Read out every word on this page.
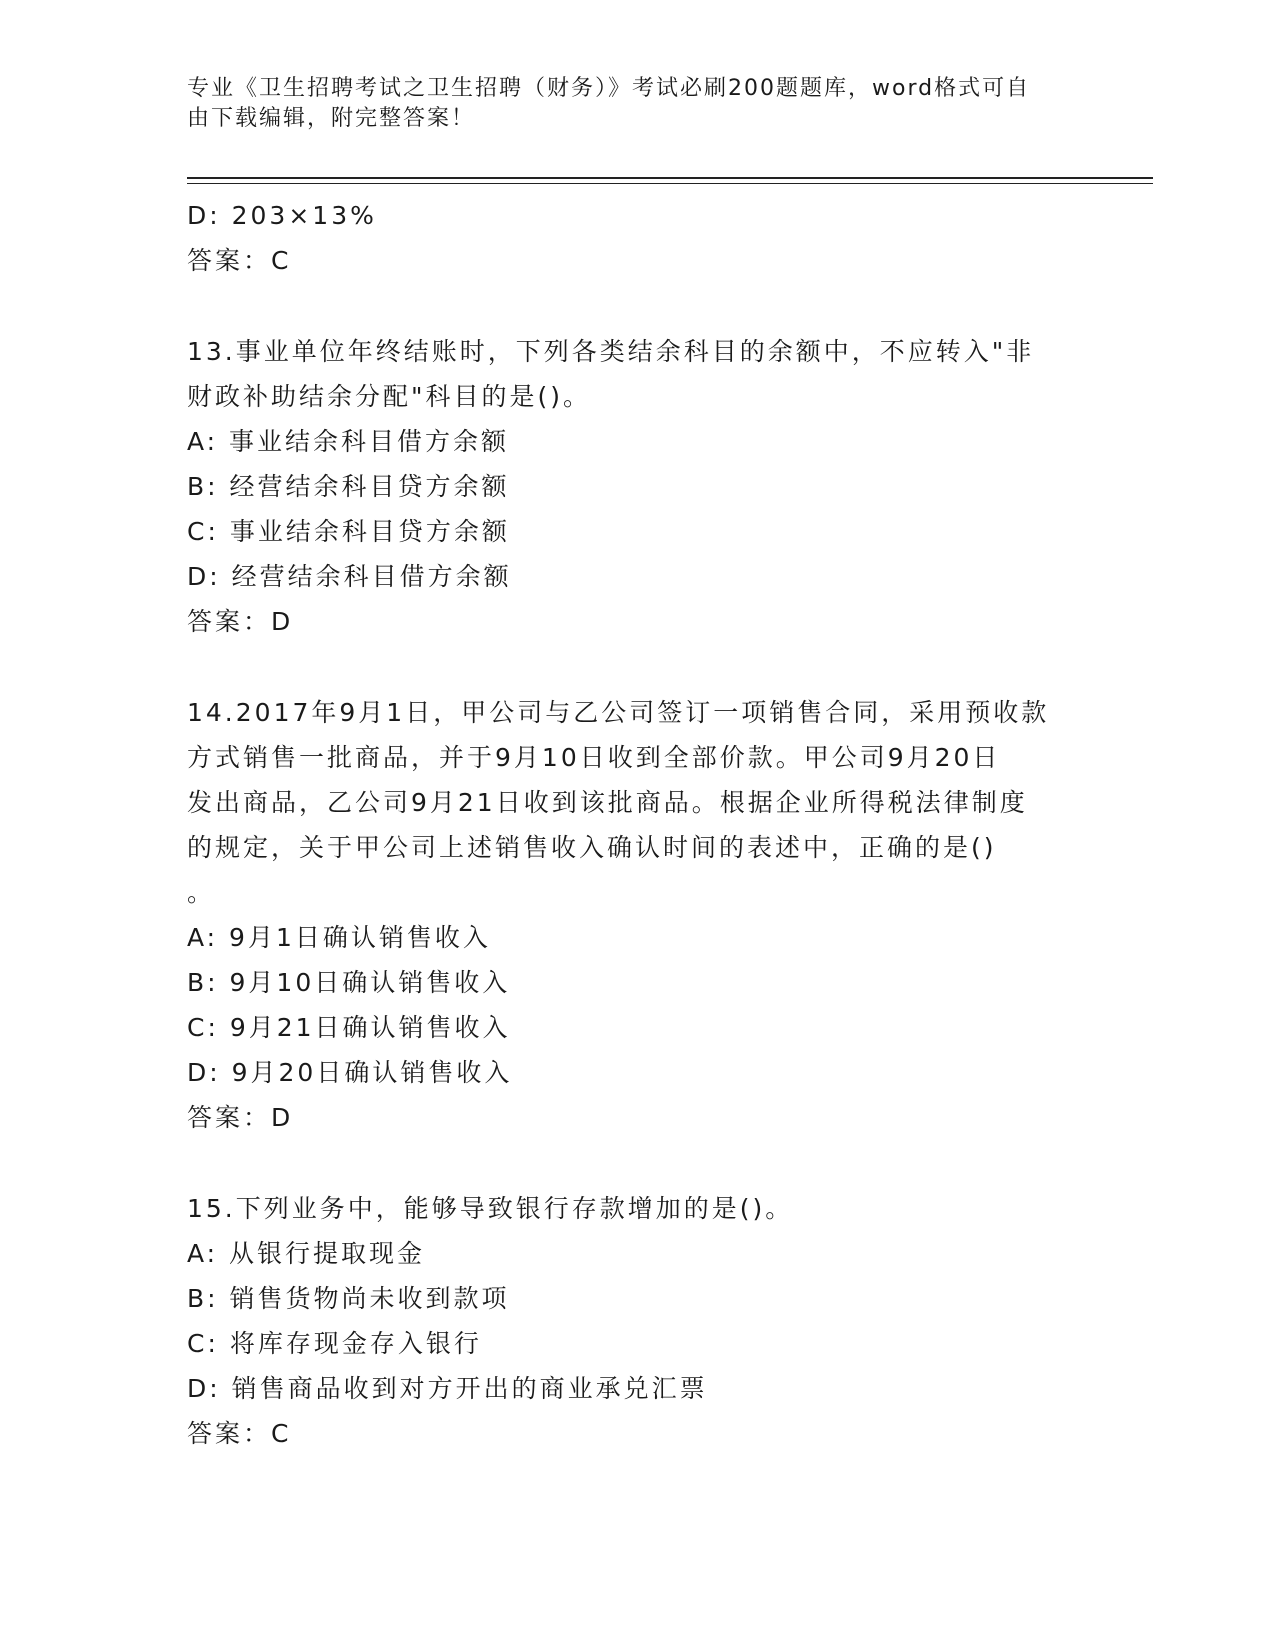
专业《卫生招聘考试之卫生招聘（财务）》考试必刷200题题库，word格式可自
由下载编辑，附完整答案！
D: 203×13%
答案：C
13.事业单位年终结账时，下列各类结余科目的余额中，不应转入"非
财政补助结余分配"科目的是()。
A: 事业结余科目借方余额
B: 经营结余科目贷方余额
C: 事业结余科目贷方余额
D: 经营结余科目借方余额
答案：D
14.2017年9月1日，甲公司与乙公司签订一项销售合同，采用预收款
方式销售一批商品，并于9月10日收到全部价款。甲公司9月20日
发出商品，乙公司9月21日收到该批商品。根据企业所得税法律制度
的规定，关于甲公司上述销售收入确认时间的表述中，正确的是()
。
A: 9月1日确认销售收入
B: 9月10日确认销售收入
C: 9月21日确认销售收入
D: 9月20日确认销售收入
答案：D
15.下列业务中，能够导致银行存款增加的是()。
A: 从银行提取现金
B: 销售货物尚未收到款项
C: 将库存现金存入银行
D: 销售商品收到对方开出的商业承兑汇票
答案：C
